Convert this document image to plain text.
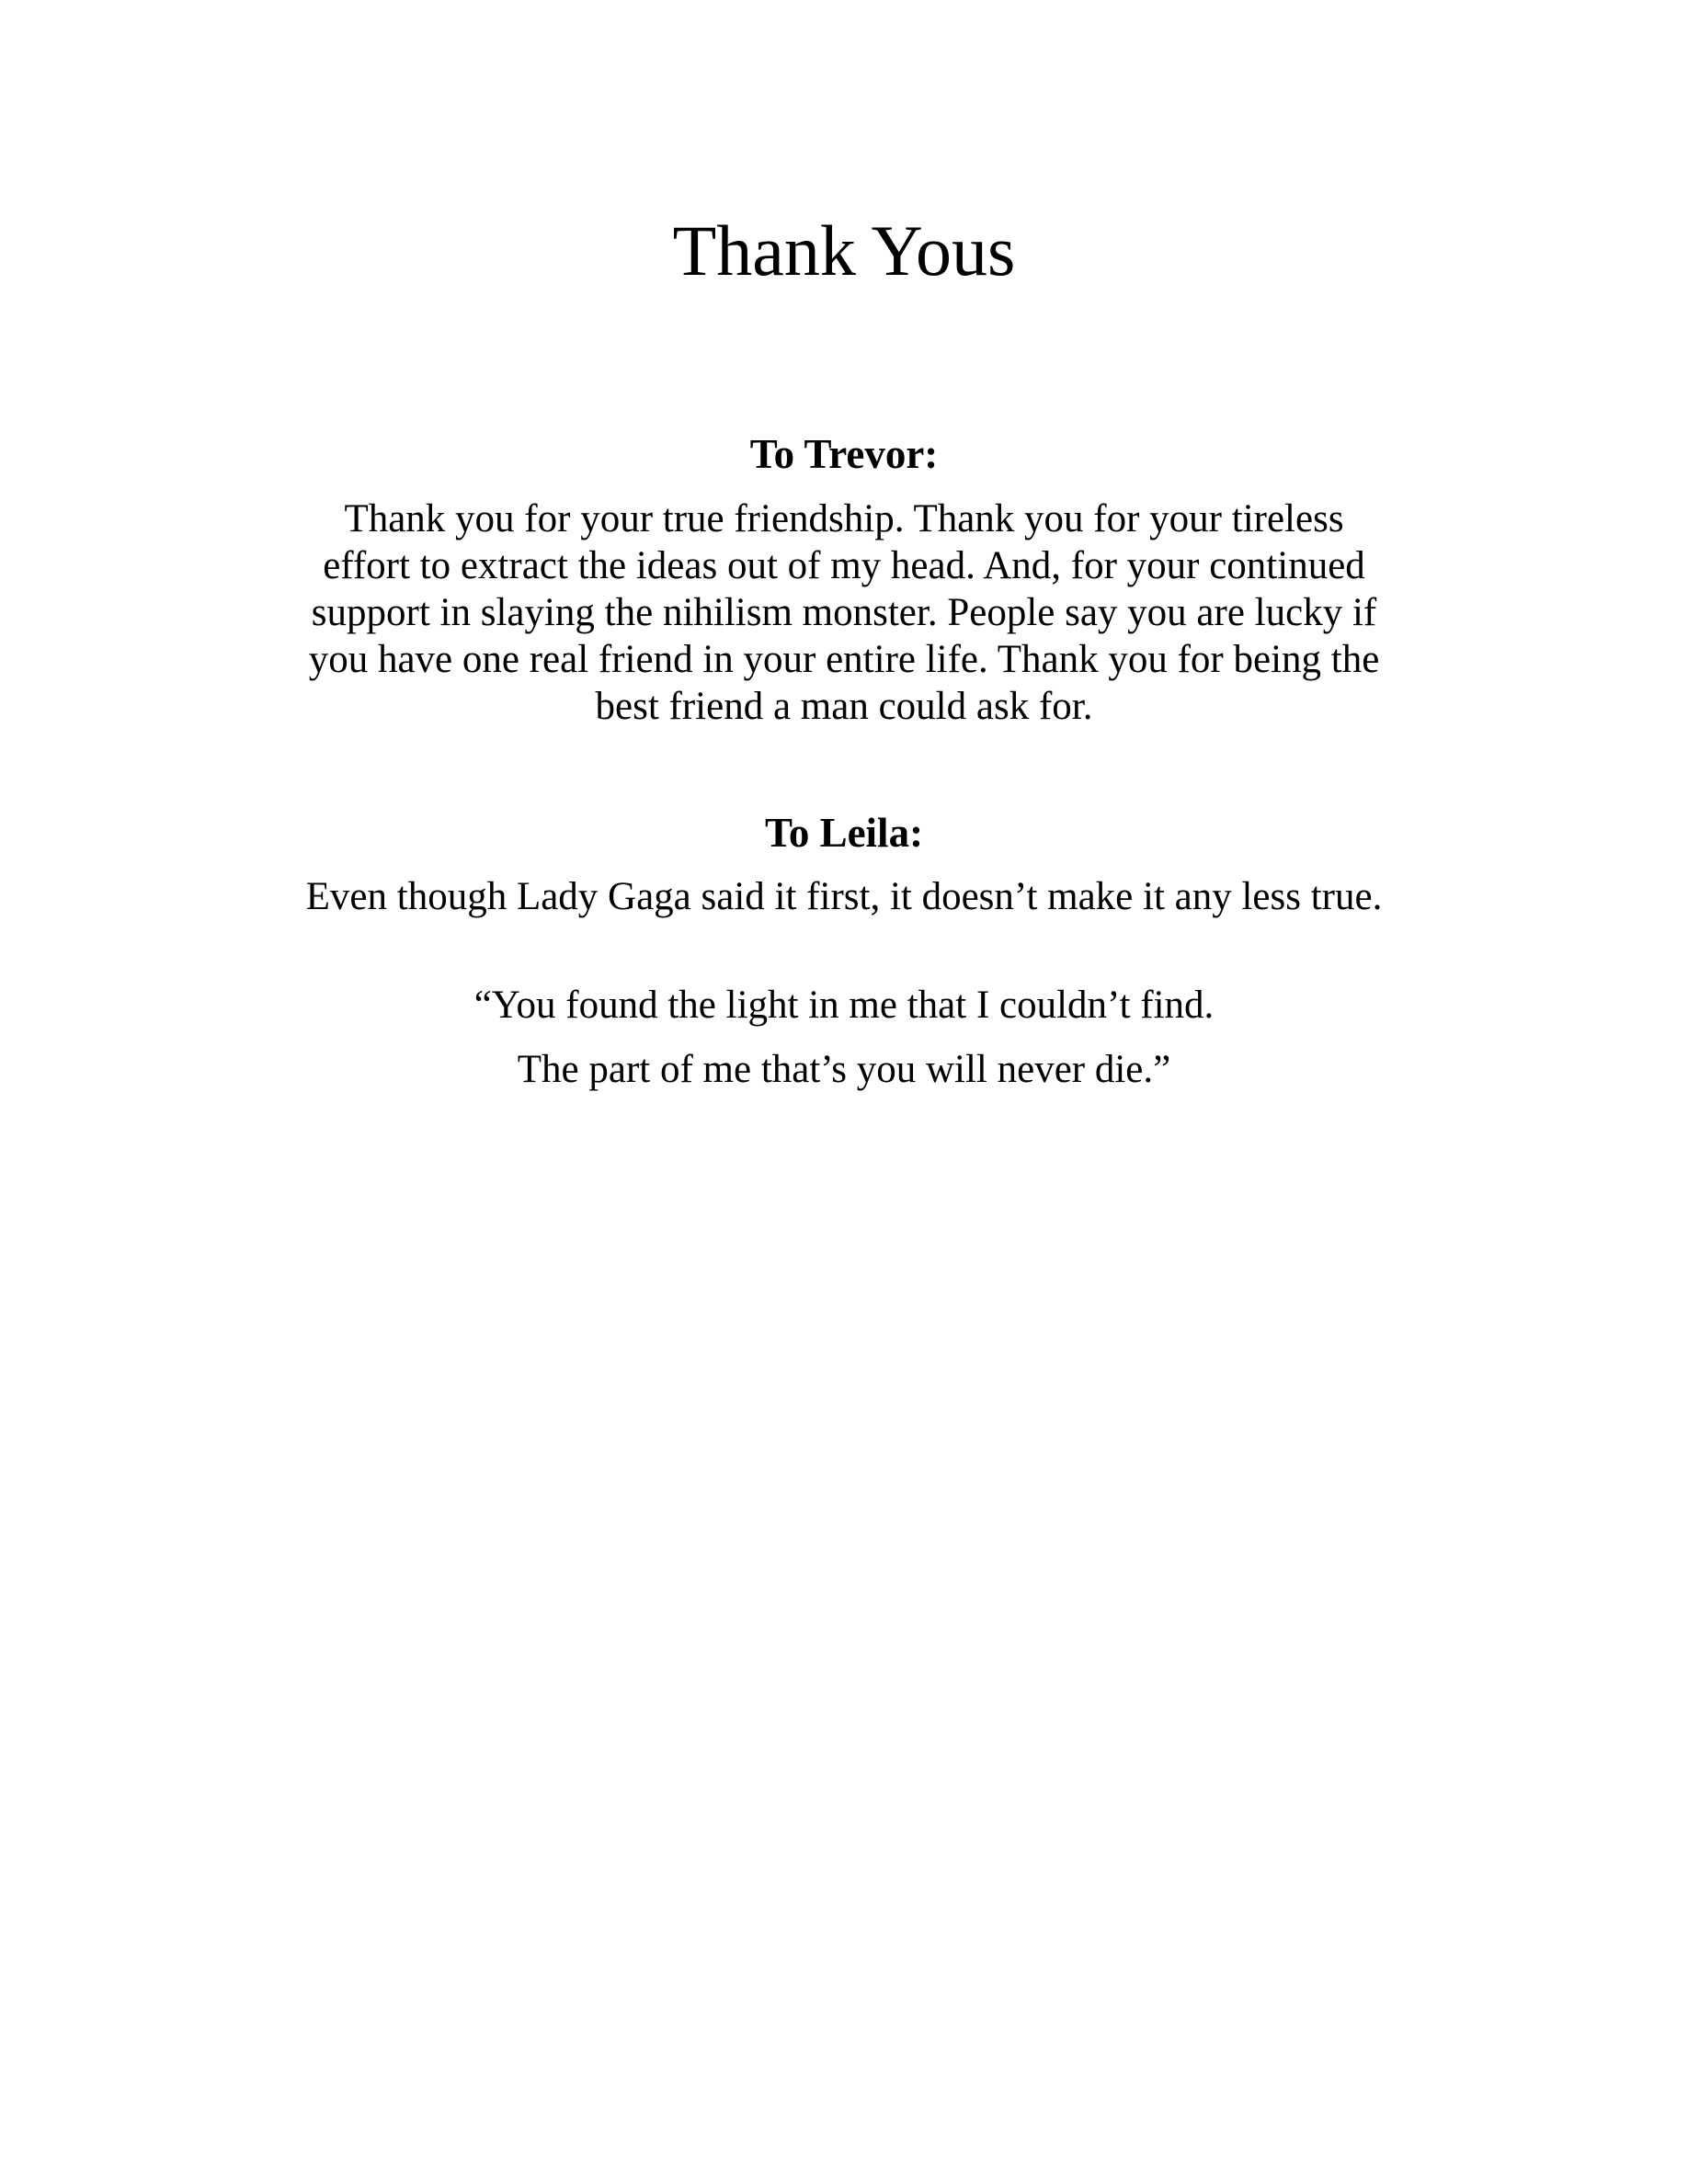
Thank Yous
To Trevor:

Thank you for your true friendship. Thank you for your tireless effort to extract the ideas out of my head. And, for your continued support in slaying the nihilism monster. People say you are lucky if you have one real friend in your entire life. Thank you for being the best friend a man could ask for.

To Leila:

Even though Lady Gaga said it first, it doesn’t make it any less true.

“You found the light in me that I couldn’t find.

The part of me that’s you will never die.”
